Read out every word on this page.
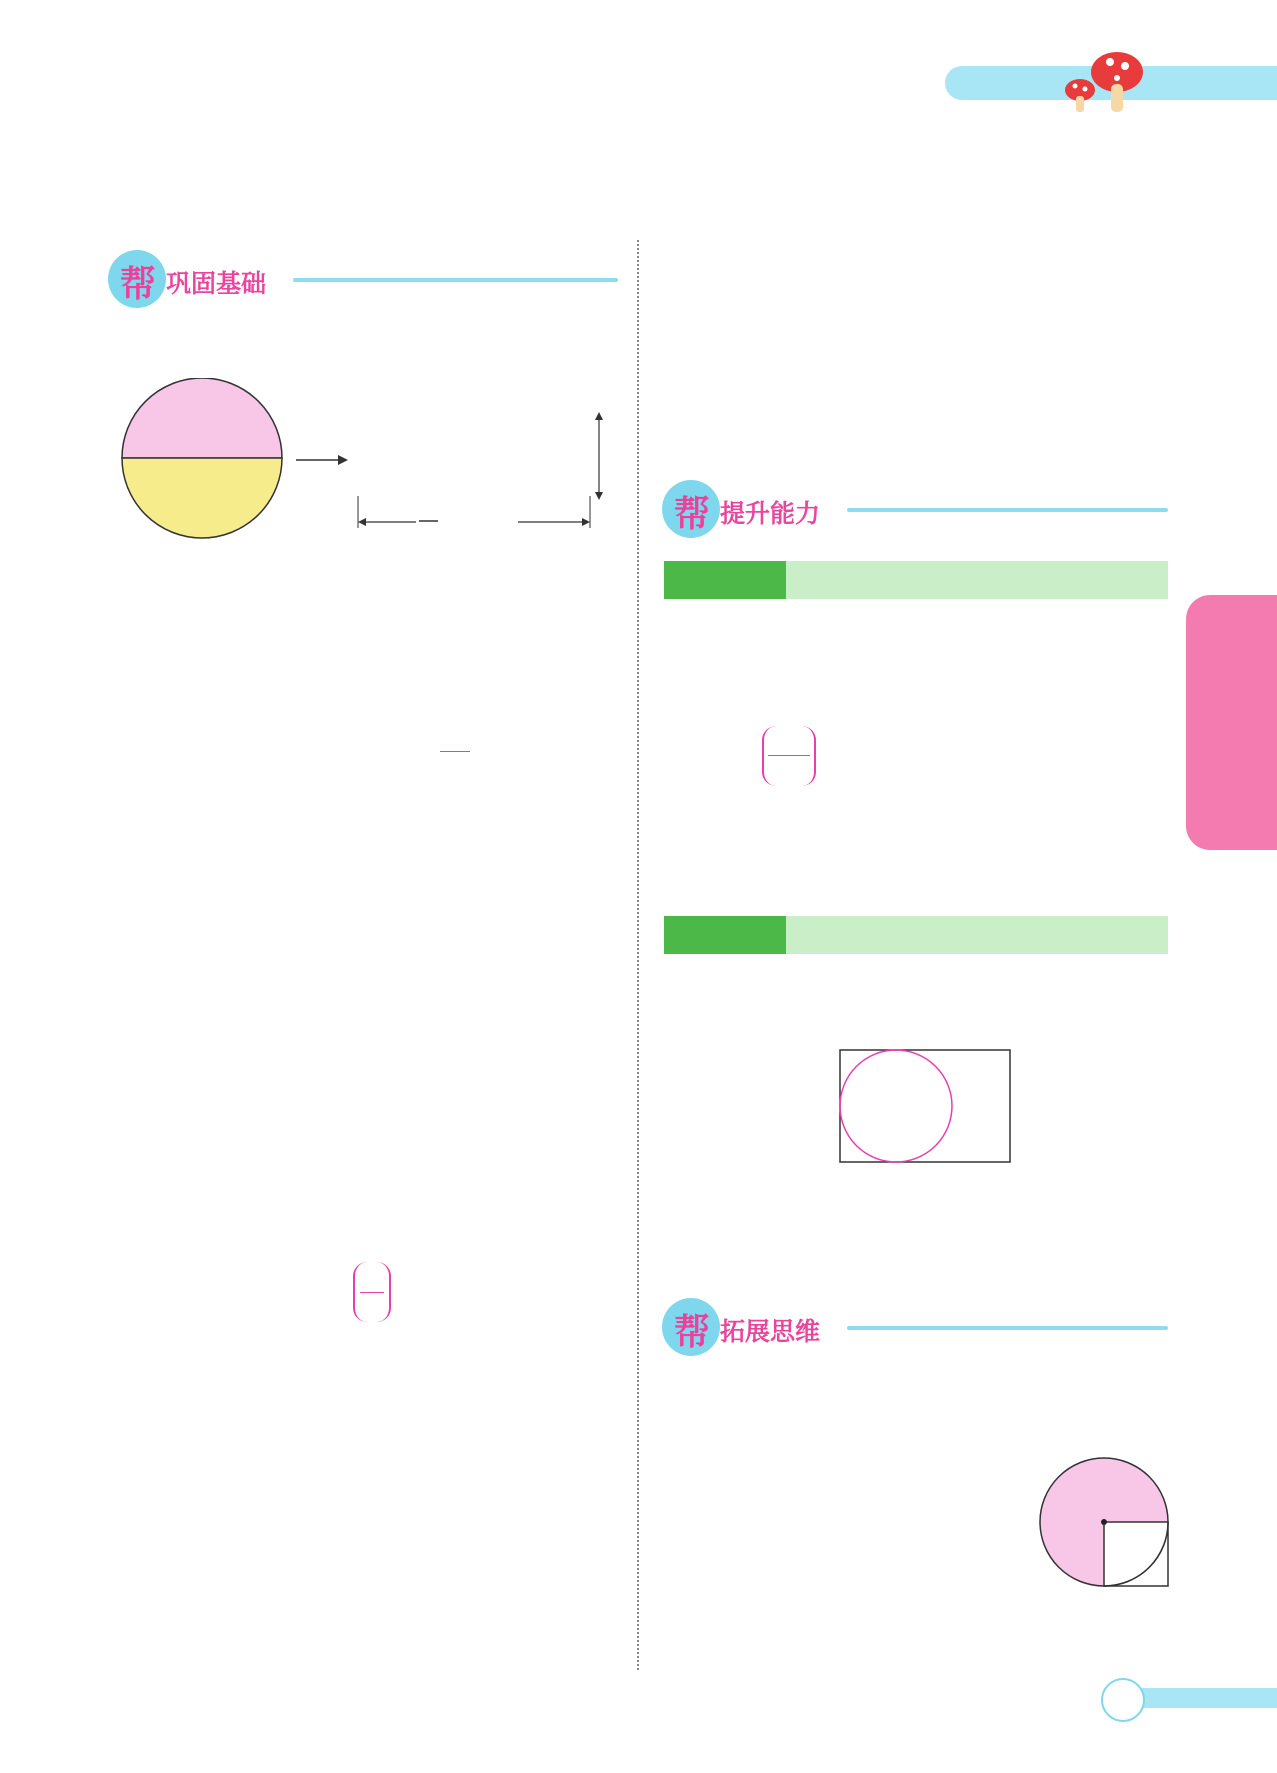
帮 巩固基础
帮 提升能力
帮 拓展思维
